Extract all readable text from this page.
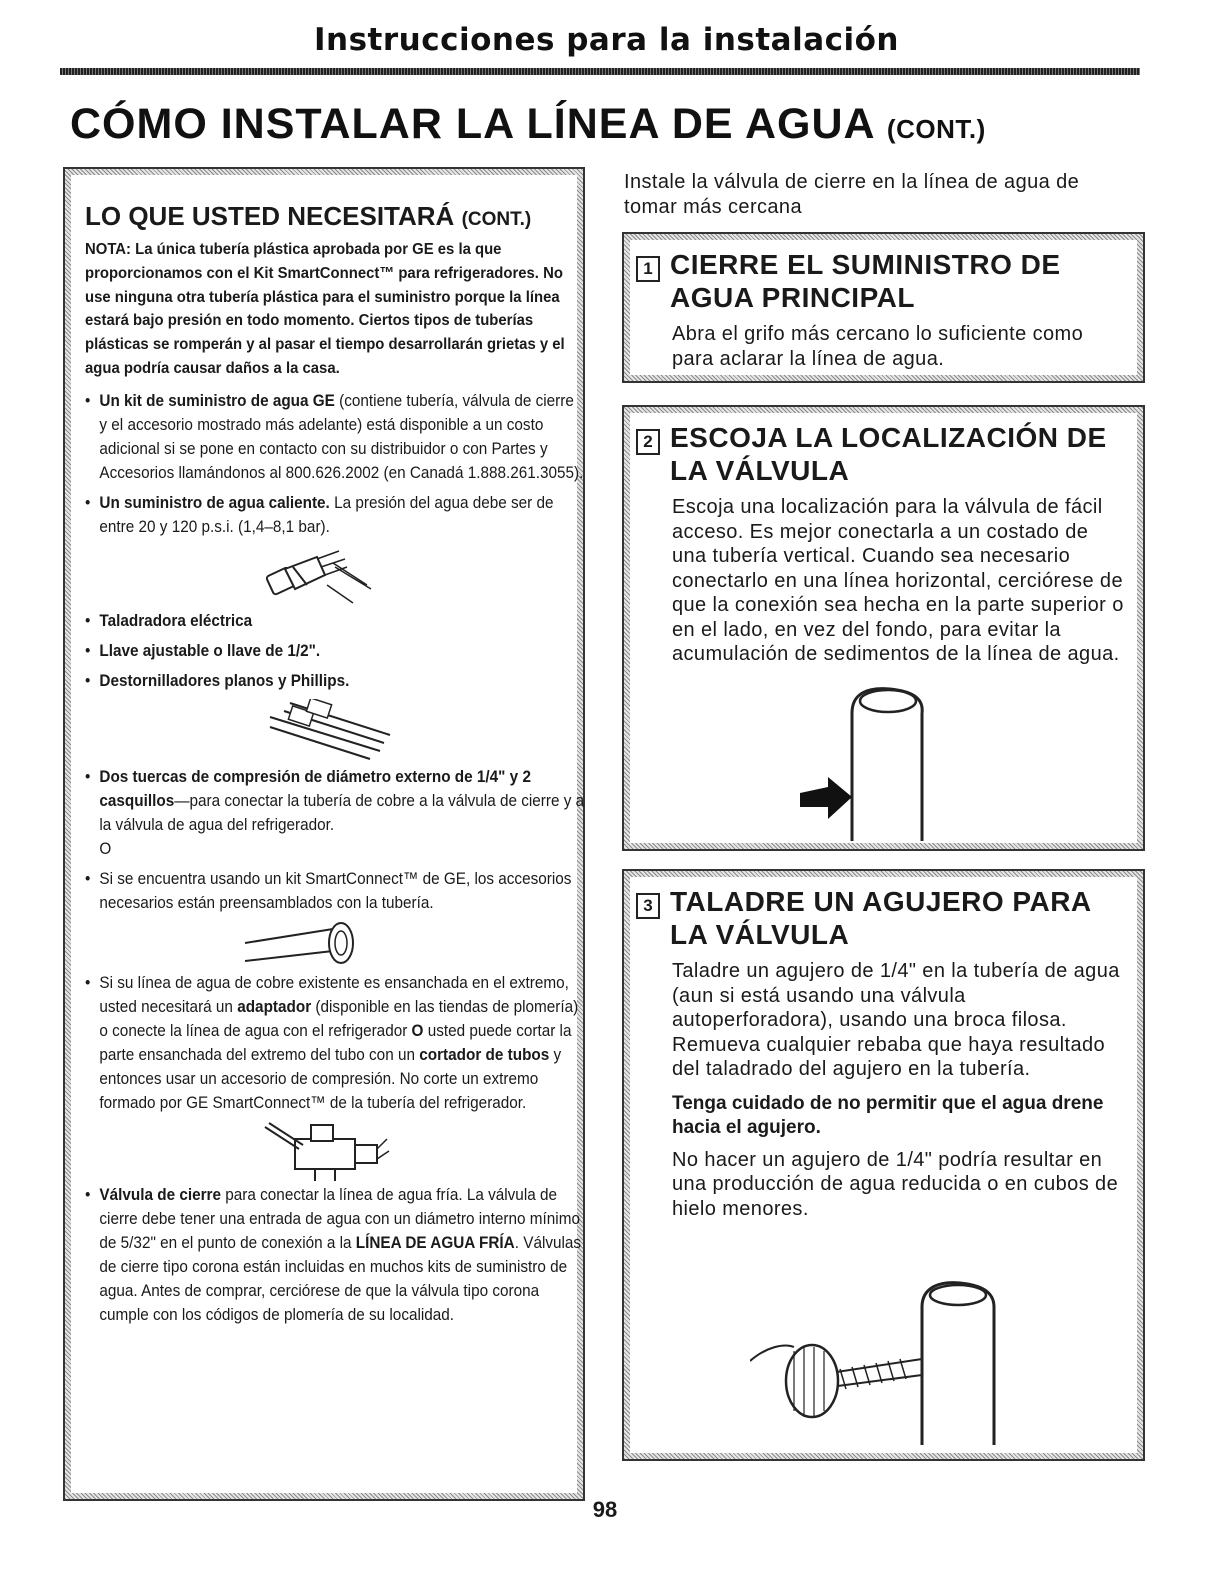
Instrucciones para la instalación
CÓMO INSTALAR LA LÍNEA DE AGUA (CONT.)
LO QUE USTED NECESITARÁ (CONT.)
NOTA: La única tubería plástica aprobada por GE es la que proporcionamos con el Kit SmartConnect™ para refrigeradores. No use ninguna otra tubería plástica para el suministro porque la línea estará bajo presión en todo momento. Ciertos tipos de tuberías plásticas se romperán y al pasar el tiempo desarrollarán grietas y el agua podría causar daños a la casa.
• Un kit de suministro de agua GE (contiene tubería, válvula de cierre y el accesorio mostrado más adelante) está disponible a un costo adicional si se pone en contacto con su distribuidor o con Partes y Accesorios llamándonos al 800.626.2002 (en Canadá 1.888.261.3055).
• Un suministro de agua caliente. La presión del agua debe ser de entre 20 y 120 p.s.i. (1,4–8,1 bar).
• Taladradora eléctrica
• Llave ajustable o llave de 1/2".
• Destornilladores planos y Phillips.
• Dos tuercas de compresión de diámetro externo de 1/4" y 2 casquillos—para conectar la tubería de cobre a la válvula de cierre y a la válvula de agua del refrigerador.
O
• Si se encuentra usando un kit SmartConnect™ de GE, los accesorios necesarios están preensamblados con la tubería.
• Si su línea de agua de cobre existente es ensanchada en el extremo, usted necesitará un adaptador (disponible en las tiendas de plomería) o conecte la línea de agua con el refrigerador O usted puede cortar la parte ensanchada del extremo del tubo con un cortador de tubos y entonces usar un accesorio de compresión. No corte un extremo formado por GE SmartConnect™ de la tubería del refrigerador.
• Válvula de cierre para conectar la línea de agua fría. La válvula de cierre debe tener una entrada de agua con un diámetro interno mínimo de 5/32" en el punto de conexión a la LÍNEA DE AGUA FRÍA. Válvulas de cierre tipo corona están incluidas en muchos kits de suministro de agua. Antes de comprar, cerciórese de que la válvula tipo corona cumple con los códigos de plomería de su localidad.
Instale la válvula de cierre en la línea de agua de tomar más cercana
1 CIERRE EL SUMINISTRO DE AGUA PRINCIPAL
Abra el grifo más cercano lo suficiente como para aclarar la línea de agua.
2 ESCOJA LA LOCALIZACIÓN DE LA VÁLVULA
Escoja una localización para la válvula de fácil acceso. Es mejor conectarla a un costado de una tubería vertical. Cuando sea necesario conectarlo en una línea horizontal, cerciórese de que la conexión sea hecha en la parte superior o en el lado, en vez del fondo, para evitar la acumulación de sedimentos de la línea de agua.
3 TALADRE UN AGUJERO PARA LA VÁLVULA
Taladre un agujero de 1/4" en la tubería de agua (aun si está usando una válvula autoperforadora), usando una broca filosa. Remueva cualquier rebaba que haya resultado del taladrado del agujero en la tubería.
Tenga cuidado de no permitir que el agua drene hacia el agujero.
No hacer un agujero de 1/4" podría resultar en una producción de agua reducida o en cubos de hielo menores.
98
